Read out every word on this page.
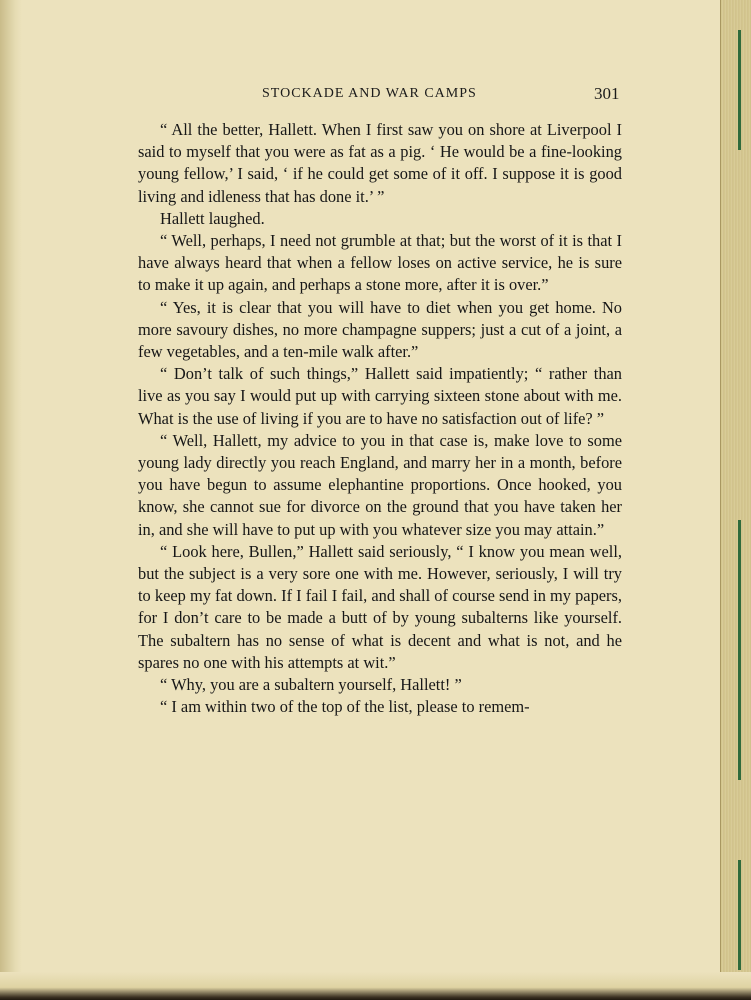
STOCKADE AND WAR CAMPS	301

“ All the better, Hallett. When I first saw you on shore at Liverpool I said to myself that you were as fat as a pig. ‘ He would be a fine-looking young fellow,’ I said, ‘ if he could get some of it off. I suppose it is good living and idleness that has done it.’ ”

Hallett laughed.

“ Well, perhaps, I need not grumble at that; but the worst of it is that I have always heard that when a fellow loses on active service, he is sure to make it up again, and perhaps a stone more, after it is over.”

“ Yes, it is clear that you will have to diet when you get home. No more savoury dishes, no more champagne suppers; just a cut of a joint, a few vegetables, and a ten-mile walk after.”

“ Don’t talk of such things,” Hallett said impatiently; “ rather than live as you say I would put up with carrying sixteen stone about with me. What is the use of living if you are to have no satisfaction out of life? ”

“ Well, Hallett, my advice to you in that case is, make love to some young lady directly you reach England, and marry her in a month, before you have begun to assume elephantine proportions. Once hooked, you know, she cannot sue for divorce on the ground that you have taken her in, and she will have to put up with you whatever size you may attain.”

“ Look here, Bullen,” Hallett said seriously, “ I know you mean well, but the subject is a very sore one with me. However, seriously, I will try to keep my fat down. If I fail I fail, and shall of course send in my papers, for I don’t care to be made a butt of by young subalterns like yourself. The subaltern has no sense of what is decent and what is not, and he spares no one with his attempts at wit.”

“ Why, you are a subaltern yourself, Hallett! ”

“ I am within two of the top of the list, please to remem-
